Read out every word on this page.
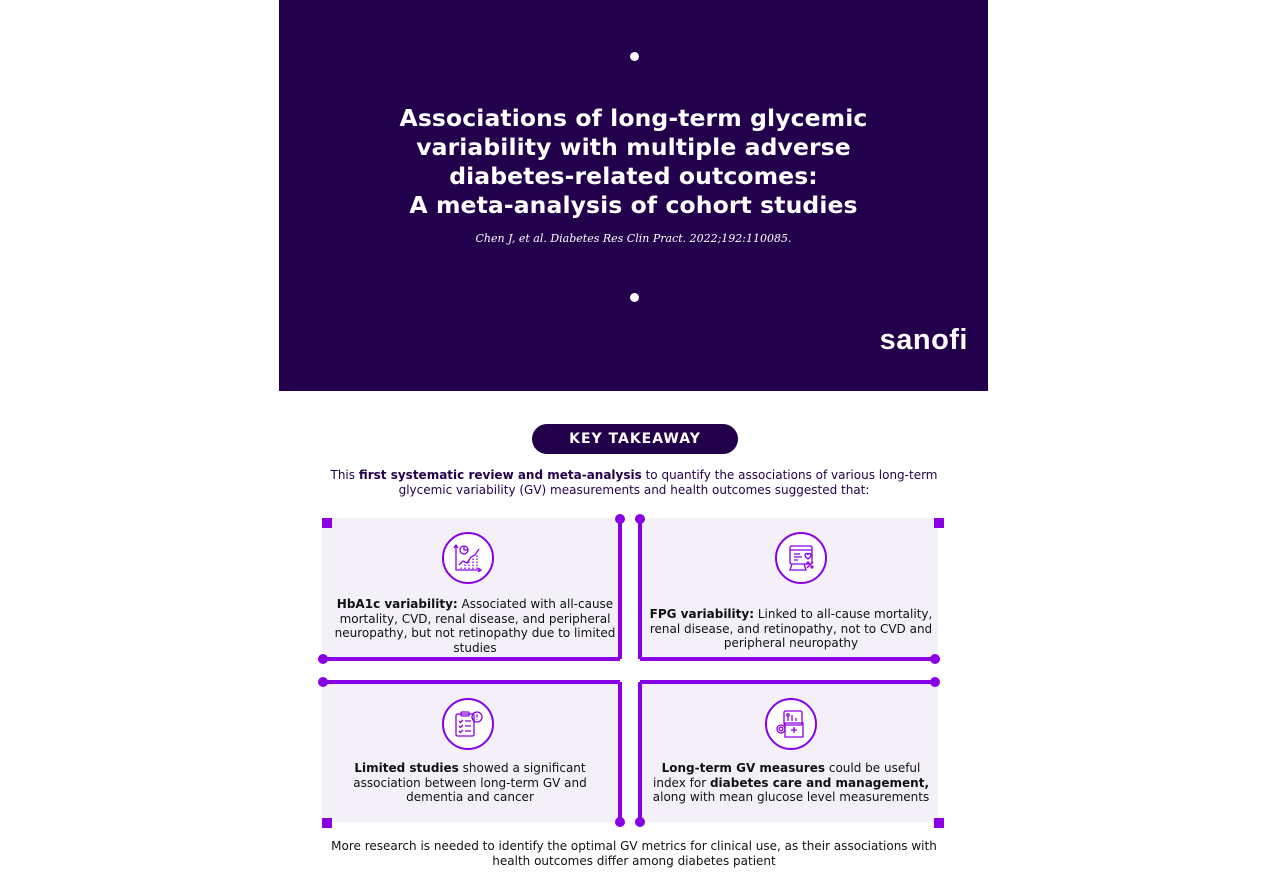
Associations of long-term glycemic
variability with multiple adverse
diabetes-related outcomes:
A meta-analysis of cohort studies
Chen J, et al. Diabetes Res Clin Pract. 2022;192:110085.
sanofi
KEY TAKEAWAY
This first systematic review and meta-analysis to quantify the associations of various long-term glycemic variability (GV) measurements and health outcomes suggested that:
HbA1c variability: Associated with all-cause mortality, CVD, renal disease, and peripheral neuropathy, but not retinopathy due to limited studies
FPG variability: Linked to all-cause mortality, renal disease, and retinopathy, not to CVD and peripheral neuropathy
Limited studies showed a significant association between long-term GV and dementia and cancer
Long-term GV measures could be useful index for diabetes care and management, along with mean glucose level measurements
More research is needed to identify the optimal GV metrics for clinical use, as their associations with health outcomes differ among diabetes patient
